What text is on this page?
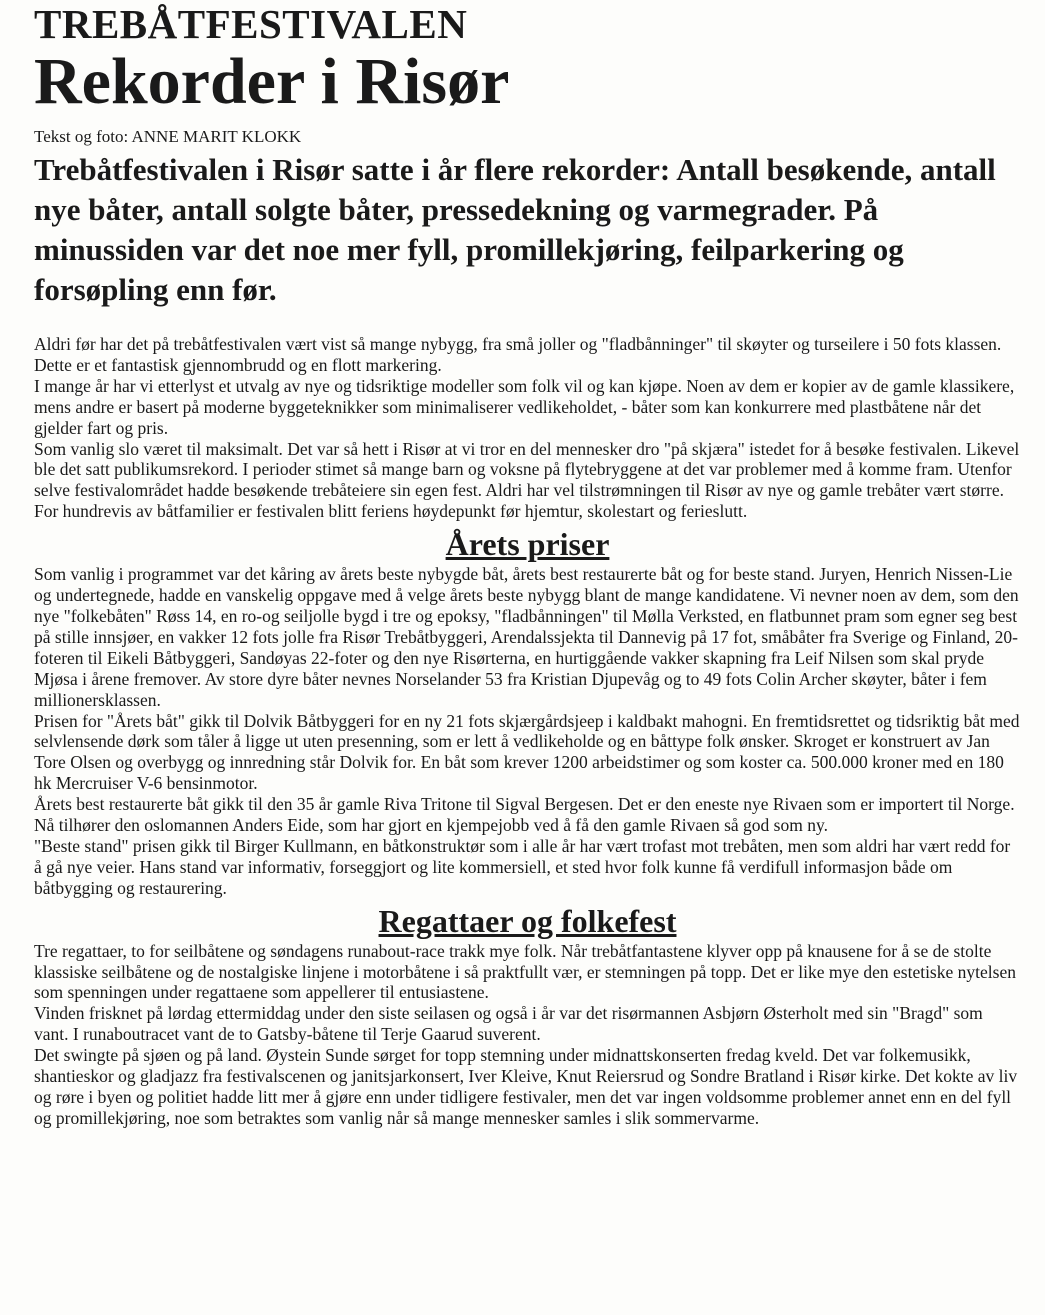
TREBÅTFESTIVALEN
Rekorder i Risør
Tekst og foto: ANNE MARIT KLOKK
Trebåtfestivalen i Risør satte i år flere rekorder: Antall besøkende, antall nye båter, antall solgte båter, pressedekning og varmegrader. På minussiden var det noe mer fyll, promillekjøring, feilparkering og forsøpling enn før.

Aldri før har det på trebåtfestivalen vært vist så mange nybygg, fra små joller og "fladbånninger" til skøyter og turseilere i 50 fots klassen. Dette er et fantastisk gjennombrudd og en flott markering.

I mange år har vi etterlyst et utvalg av nye og tidsriktige modeller som folk vil og kan kjøpe. Noen av dem er kopier av de gamle klassikere, mens andre er basert på moderne byggeteknikker som minimaliserer vedlikeholdet, - båter som kan konkurrere med plastbåtene når det gjelder fart og pris.

Som vanlig slo været til maksimalt. Det var så hett i Risør at vi tror en del mennesker dro "på skjæra" istedet for å besøke festivalen. Likevel ble det satt publikumsrekord. I perioder stimet så mange barn og voksne på flytebryggene at det var problemer med å komme fram. Utenfor selve festivalområdet hadde besøkende trebåteiere sin egen fest. Aldri har vel tilstrømningen til Risør av nye og gamle trebåter vært større. For hundrevis av båtfamilier er festivalen blitt feriens høydepunkt før hjemtur, skolestart og ferieslutt.

Årets priser

Som vanlig i programmet var det kåring av årets beste nybygde båt, årets best restaurerte båt og for beste stand. Juryen, Henrich Nissen-Lie og undertegnede, hadde en vanskelig oppgave med å velge årets beste nybygg blant de mange kandidatene. Vi nevner noen av dem, som den nye "folkebåten" Røss 14, en ro-og seiljolle bygd i tre og epoksy, "fladbånningen" til Mølla Verksted, en flatbunnet pram som egner seg best på stille innsjøer, en vakker 12 fots jolle fra Risør Trebåtbyggeri, Arendalssjekta til Dannevig på 17 fot, småbåter fra Sverige og Finland, 20-foteren til Eikeli Båtbyggeri, Sandøyas 22-foter og den nye Risørterna, en hurtiggående vakker skapning fra Leif Nilsen som skal pryde Mjøsa i årene fremover. Av store dyre båter nevnes Norselander 53 fra Kristian Djupevåg og to 49 fots Colin Archer skøyter, båter i fem millionersklassen.

Prisen for "Årets båt" gikk til Dolvik Båtbyggeri for en ny 21 fots skjærgårdsjeep i kaldbakt mahogni. En fremtidsrettet og tidsriktig båt med selvlensende dørk som tåler å ligge ut uten presenning, som er lett å vedlikeholde og en båttype folk ønsker. Skroget er konstruert av Jan Tore Olsen og overbygg og innredning står Dolvik for. En båt som krever 1200 arbeidstimer og som koster ca. 500.000 kroner med en 180 hk Mercruiser V-6 bensinmotor.

Årets best restaurerte båt gikk til den 35 år gamle Riva Tritone til Sigval Bergesen. Det er den eneste nye Rivaen som er importert til Norge. Nå tilhører den oslomannen Anders Eide, som har gjort en kjempejobb ved å få den gamle Rivaen så god som ny.

"Beste stand" prisen gikk til Birger Kullmann, en båtkonstruktør som i alle år har vært trofast mot trebåten, men som aldri har vært redd for å gå nye veier. Hans stand var informativ, forseggjort og lite kommersiell, et sted hvor folk kunne få verdifull informasjon både om båtbygging og restaurering.

Regattaer og folkefest

Tre regattaer, to for seilbåtene og søndagens runabout-race trakk mye folk. Når trebåtfantastene klyver opp på knausene for å se de stolte klassiske seilbåtene og de nostalgiske linjene i motorbåtene i så praktfullt vær, er stemningen på topp. Det er like mye den estetiske nytelsen som spenningen under regattaene som appellerer til entusiastene.

Vinden frisknet på lørdag ettermiddag under den siste seilasen og også i år var det risørmannen Asbjørn Østerholt med sin "Bragd" som vant. I runaboutracet vant de to Gatsby-båtene til Terje Gaarud suverent.

Det swingte på sjøen og på land. Øystein Sunde sørget for topp stemning under midnattskonserten fredag kveld. Det var folkemusikk, shantieskor og gladjazz fra festivalscenen og janitsjarkonsert, Iver Kleive, Knut Reiersrud og Sondre Bratland i Risør kirke. Det kokte av liv og røre i byen og politiet hadde litt mer å gjøre enn under tidligere festivaler, men det var ingen voldsomme problemer annet enn en del fyll og promillekjøring, noe som betraktes som vanlig når så mange mennesker samles i slik sommervarme.
